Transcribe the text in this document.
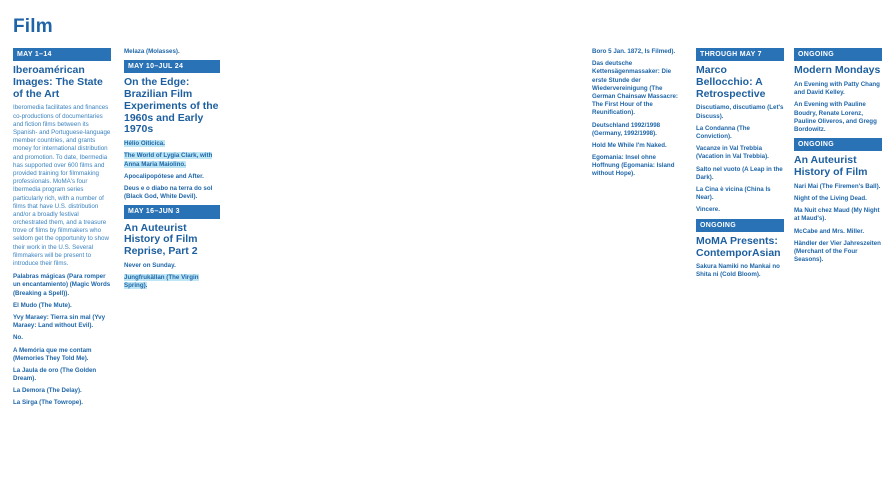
Film
MAY 1–14
Iberoamérican Images: The State of the Art
Iberomedia facilitates and finances co-productions of documentaries and fiction films between its Spanish- and Portuguese-language member countries, and grants money for international distribution and promotion. To date, Ibermedia has supported over 600 films and provided training for filmmaking professionals. MoMA's four Ibermedia program series particularly rich, with a number of films that have U.S. distribution and/or a broadly festival orchestrated them, and a treasure trove of films by filmmakers who seldom get the opportunity to show their work in the U.S. Several filmmakers will be present to introduce their films.
Palabras mágicas (Para romper un encantamiento) (Magic Words (Breaking a Spell)).
El Mudo (The Mute).
Yvy Maraey: Tierra sin mal (Yvy Maraey: Land without Evil).
No.
A Memória que me contam (Memories They Told Me).
La Jaula de oro (The Golden Dream).
La Demora (The Delay).
La Sirga (The Towrope).
Melaza (Molasses).
MAY 10–JUL 24
On the Edge: Brazilian Film Experiments of the 1960s and Early 1970s
Hélio Oiticica.
The World of Lygia Clark, with Anna Maria Maiolino.
Apocalipopótese and After.
Deus e o diabo na terra do sol (Black God, White Devil).
MAY 16–JUN 3
An Auteurist History of Film Reprise, Part 2
Never on Sunday.
Jungfrukällan (The Virgin Spring).
Boro 5 Jan. 1872, Is Filmed).
Das deutsche Kettensägenmassaker: Die erste Stunde der Wiedervereinigung (The German Chainsaw Massacre: The First Hour of the Reunification).
Deutschland 1992/1998 (Germany, 1992/1998).
Hold Me While I'm Naked.
Egomania: Insel ohne Hoffnung (Egomania: Island without Hope).
THROUGH MAY 7
Marco Bellocchio: A Retrospective
Discutiamo, discutiamo (Let's Discuss).
La Condanna (The Conviction).
Vacanze in Val Trebbia (Vacation in Val Trebbia).
Salto nel vuoto (A Leap in the Dark).
La Cina è vicina (China Is Near).
Vincere.
ONGOING
MoMA Presents: ContemporAsian
Sakura Namiki no Mankai no Shita ni (Cold Bloom).
ONGOING
Modern Mondays
An Evening with Patty Chang and David Kelley.
An Evening with Pauline Boudry, Renate Lorenz, Pauline Oliveros, and Gregg Bordowitz.
ONGOING
An Auteurist History of Film
Nari Mai (The Firemen's Ball).
Night of the Living Dead.
Ma Nuit chez Maud (My Night at Maud's).
McCabe and Mrs. Miller.
Händler der Vier Jahreszeiten (Merchant of the Four Seasons).
